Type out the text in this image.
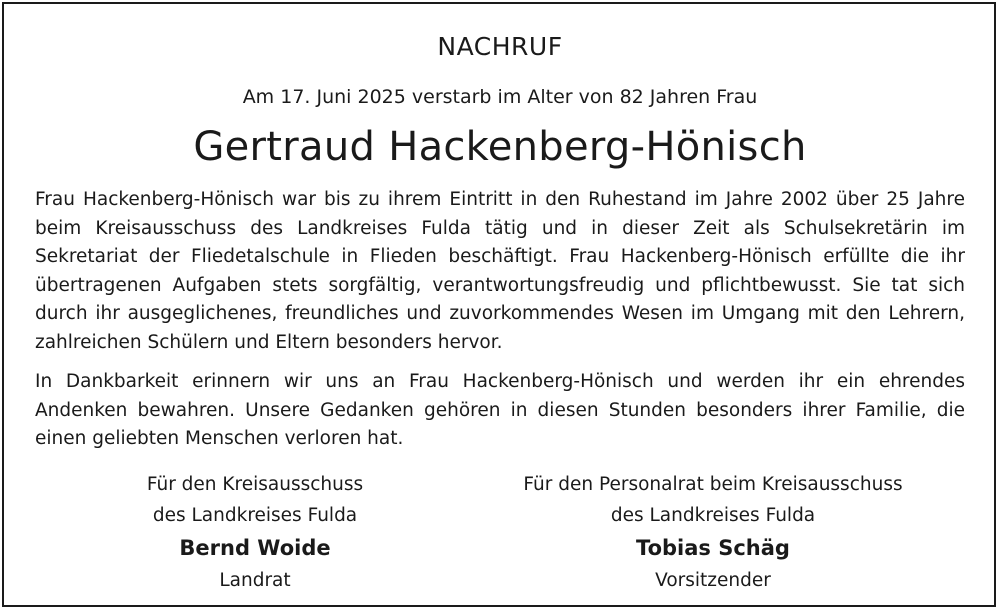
NACHRUF
Am 17. Juni 2025 verstarb im Alter von 82 Jahren Frau
Gertraud Hackenberg-Hönisch

Frau Hackenberg-Hönisch war bis zu ihrem Eintritt in den Ruhestand im Jahre 2002 über 25 Jahre beim Kreisausschuss des Landkreises Fulda tätig und in dieser Zeit als Schulsekretärin im Sekretariat der Fliedetalschule in Flieden beschäftigt. Frau Hackenberg-Hönisch erfüllte die ihr übertragenen Aufgaben stets sorgfältig, verantwortungsfreudig und pflichtbewusst. Sie tat sich durch ihr ausgeglichenes, freundliches und zuvorkommendes Wesen im Umgang mit den Lehrern, zahlreichen Schülern und Eltern besonders hervor.

In Dankbarkeit erinnern wir uns an Frau Hackenberg-Hönisch und werden ihr ein ehrendes Andenken bewahren. Unsere Gedanken gehören in diesen Stunden besonders ihrer Familie, die einen geliebten Menschen verloren hat.

Für den Kreisausschuss
des Landkreises Fulda
Bernd Woide
Landrat
Für den Personalrat beim Kreisausschuss
des Landkreises Fulda
Tobias Schäg
Vorsitzender
